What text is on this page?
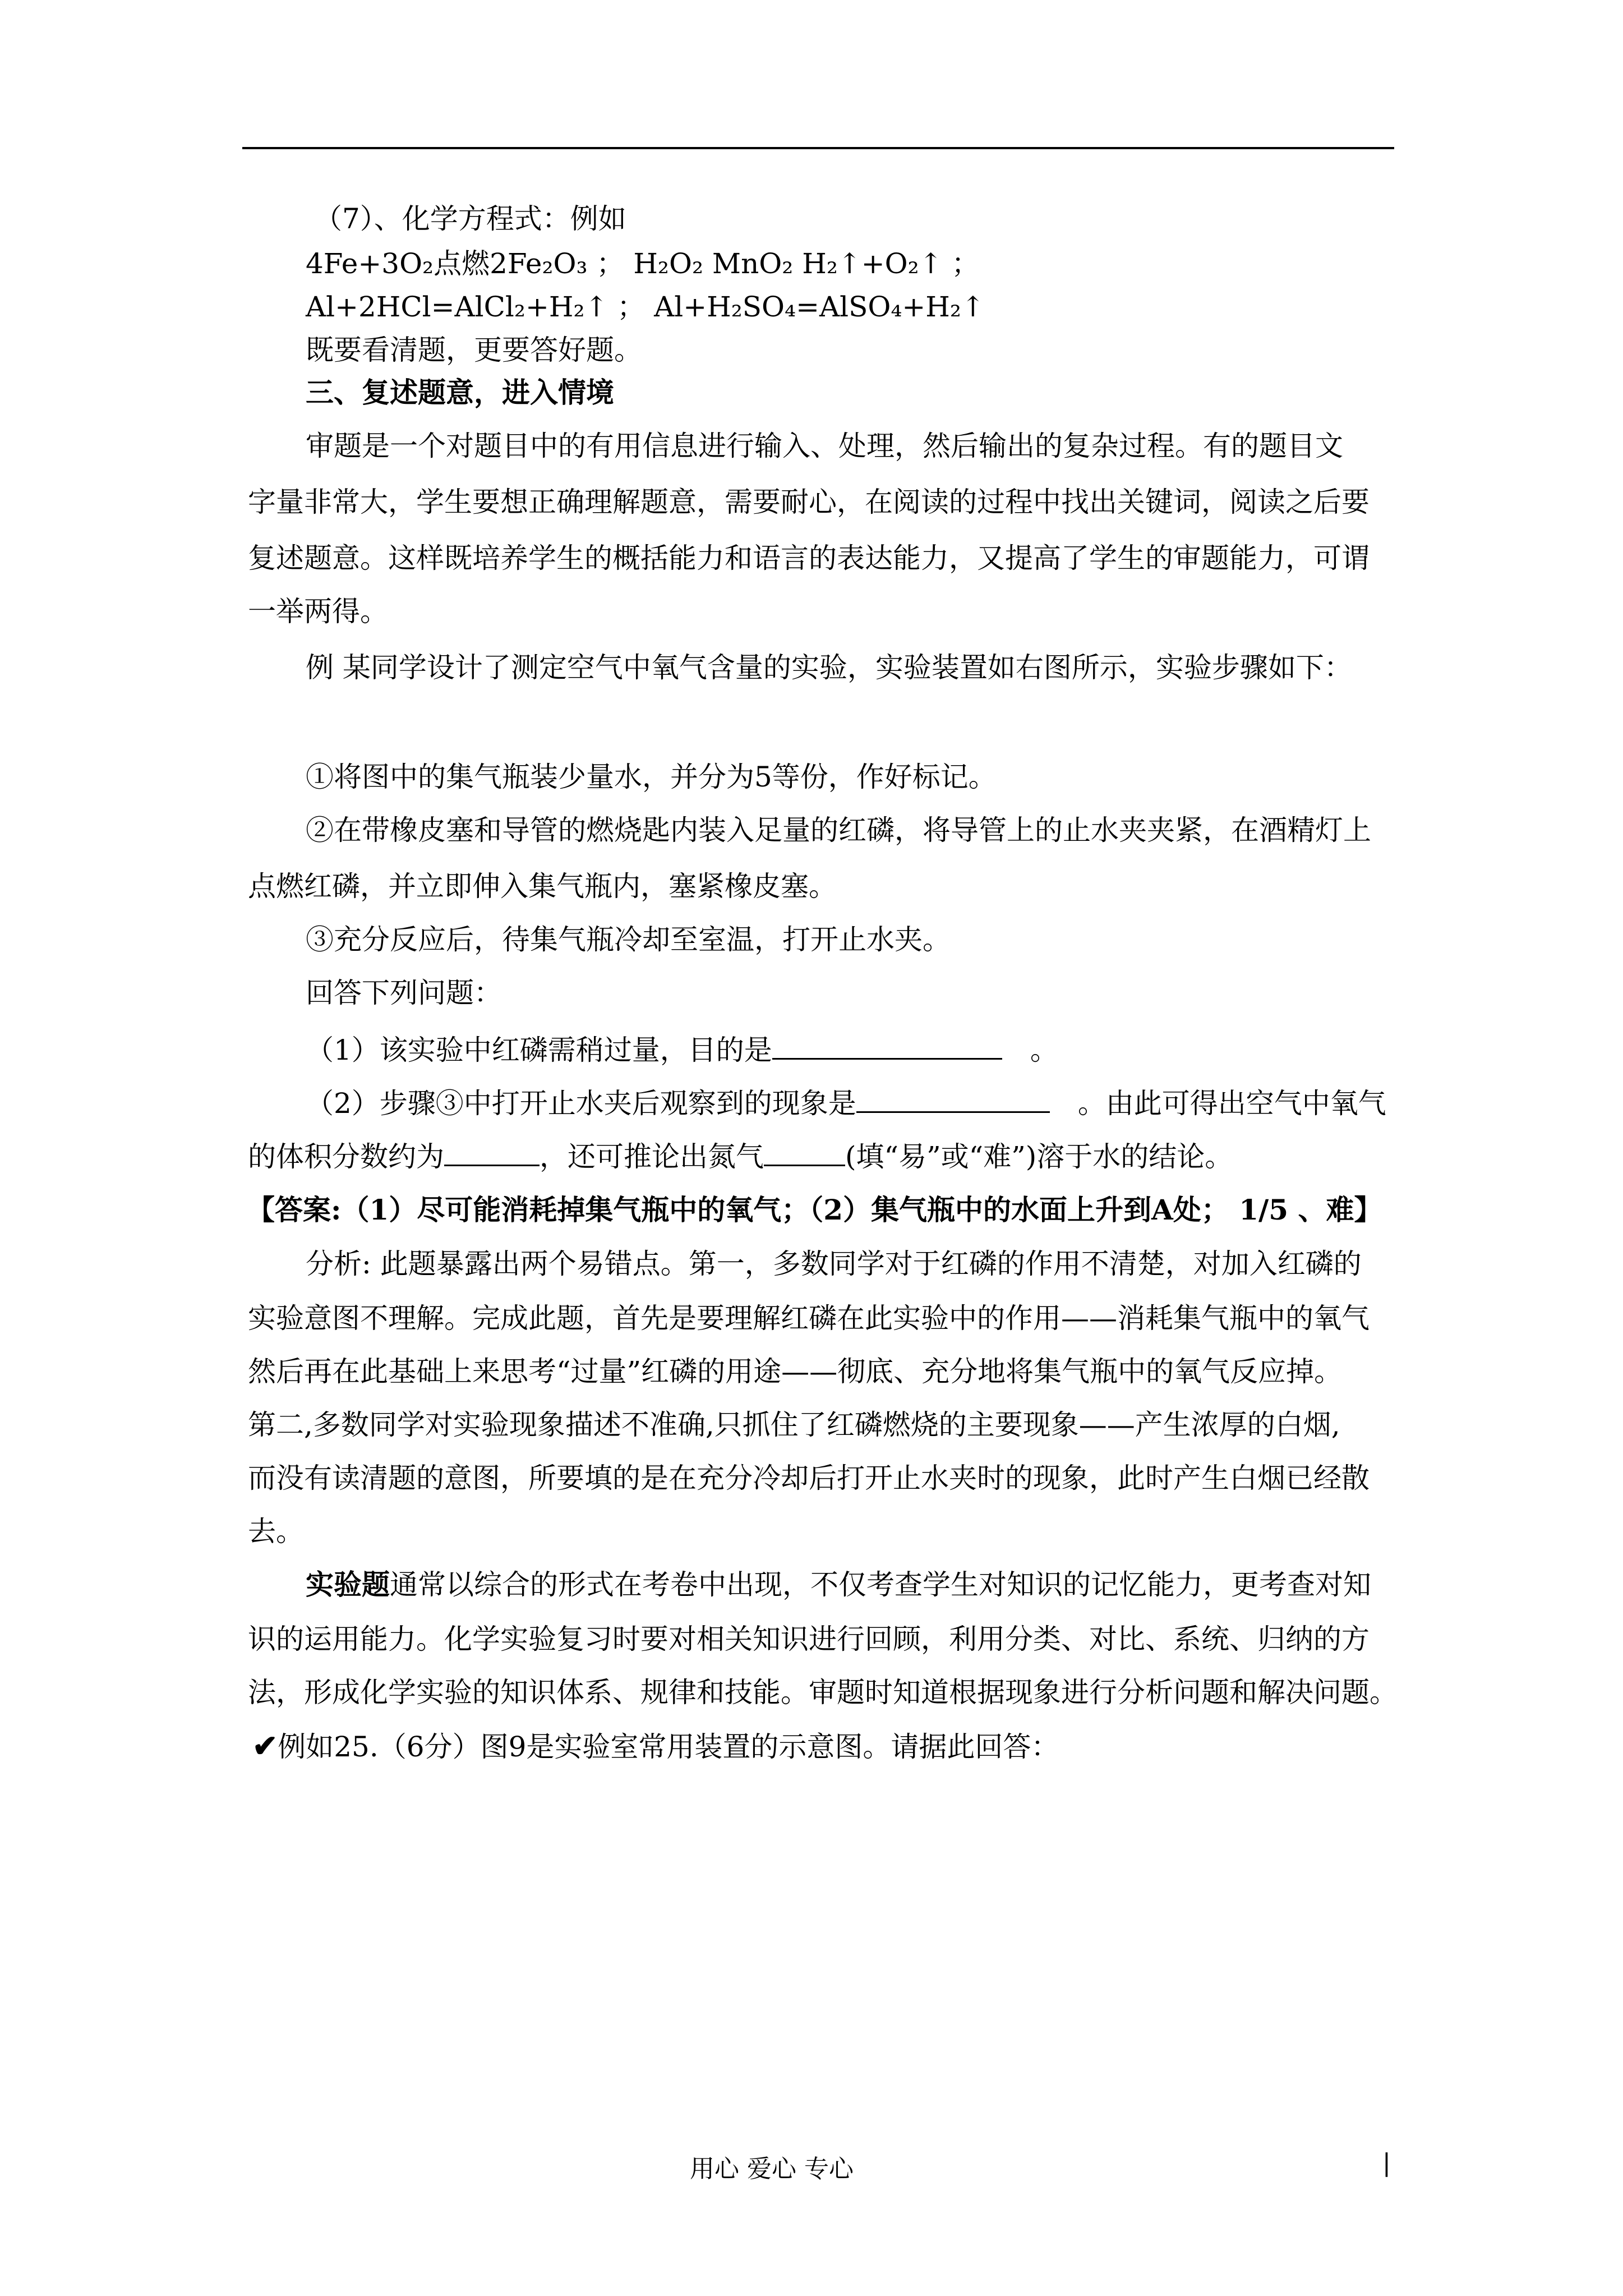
（7）、化学方程式：例如
4Fe+3O₂点燃2Fe₂O₃ ； H₂O₂ MnO₂ H₂↑+O₂↑ ；
Al+2HCl=AlCl₂+H₂↑ ； Al+H₂SO₄=AlSO₄+H₂↑
既要看清题，更要答好题。
三、复述题意，进入情境
审题是一个对题目中的有用信息进行输入、处理，然后输出的复杂过程。有的题目文
字量非常大，学生要想正确理解题意，需要耐心，在阅读的过程中找出关键词，阅读之后要
复述题意。这样既培养学生的概括能力和语言的表达能力，又提高了学生的审题能力，可谓
一举两得。
例 某同学设计了测定空气中氧气含量的实验，实验装置如右图所示，实验步骤如下：
①将图中的集气瓶装少量水，并分为5等份，作好标记。
②在带橡皮塞和导管的燃烧匙内装入足量的红磷，将导管上的止水夹夹紧，在酒精灯上
点燃红磷，并立即伸入集气瓶内，塞紧橡皮塞。
③充分反应后，待集气瓶冷却至室温，打开止水夹。
回答下列问题：
（1）该实验中红磷需稍过量，目的是	。
（2）步骤③中打开止水夹后观察到的现象是	。由此可得出空气中氧气
的体积分数约为	，还可推论出氮气	(填“易”或“难”)溶于水的结论。
【答案:（1）尽可能消耗掉集气瓶中的氧气；（2）集气瓶中的水面上升到A处； 1/5 、难】
分析: 此题暴露出两个易错点。第一，多数同学对于红磷的作用不清楚，对加入红磷的
实验意图不理解。完成此题，首先是要理解红磷在此实验中的作用——消耗集气瓶中的氧气
然后再在此基础上来思考“过量”红磷的用途——彻底、充分地将集气瓶中的氧气反应掉。
第二,多数同学对实验现象描述不准确,只抓住了红磷燃烧的主要现象——产生浓厚的白烟,
而没有读清题的意图，所要填的是在充分冷却后打开止水夹时的现象，此时产生白烟已经散
去。
实验题通常以综合的形式在考卷中出现，不仅考查学生对知识的记忆能力，更考查对知
识的运用能力。化学实验复习时要对相关知识进行回顾，利用分类、对比、系统、归纳的方
法，形成化学实验的知识体系、规律和技能。审题时知道根据现象进行分析问题和解决问题。
✔例如25.（6分）图9是实验室常用装置的示意图。请据此回答：
用心 爱心 专心	|
